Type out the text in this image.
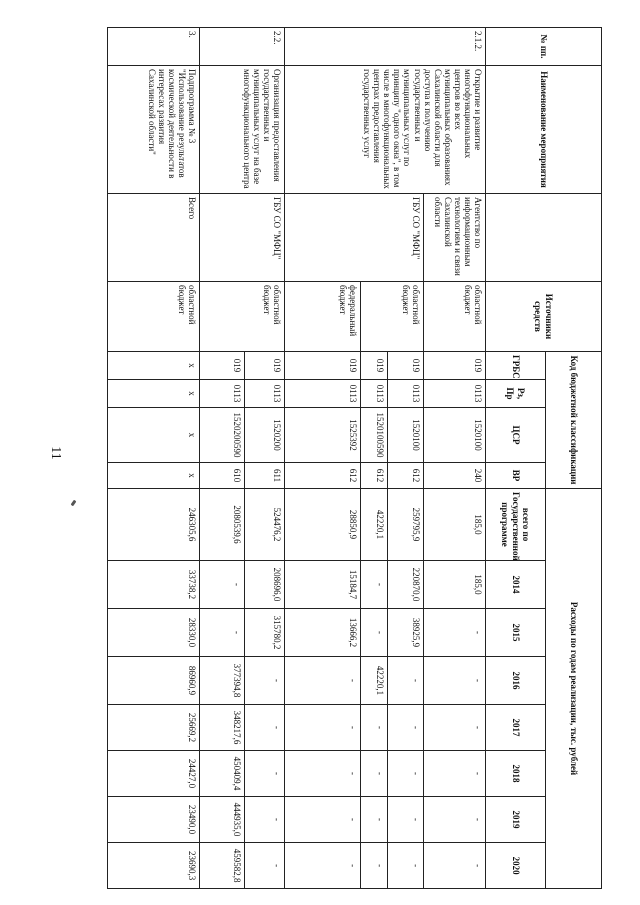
11
№ пп.	Наименование мероприятия		Источники средств	Код бюджетной классификации				Расходы по годам реализации, тыс. рублей							
				ГРБС	Рз, Пр	ЦСР	ВР	всего по Государственной программе	2014	2015	2016	2017	2018	2019	2020
2.1.2.	Открытие и развитие многофункциональных центров во всех муниципальных образованиях Сахалинской области для доступа к получению государственных и муниципальных услуг по принципу "одного окна", в том числе в многофункциональных центрах предоставления государственных услуг	Агентство по информационным технологиям и связи Сахалинской области	областной бюджет	019	0113	1520100	240	185,0	185,0	-	-	-	-	-	-
		ГБУ СО "МФЦ"	областной бюджет	019	0113	1520100	612	259795,9	220870,0	38925,9	-	-	-	-	-
				019	0113	1520100590	612	42220,1	-	-	42220,1	-	-	-	-
			федеральный бюджет	019	0113	1525392	612	28850,9	15184,7	13666,2	-	-	-	-	-
2.2.	Организация предоставления государственных и муниципальных услуг на базе многофункционального центра	ГБУ СО "МФЦ"	областной бюджет	019	0113	1520200	611	524476,2	208696,0	315780,2	-	-	-	-	-
				019	0113	1520200590	610	2080539,6	-	-	377394,8	348217,6	450409,4	444935,0	459582,8
3.	Подпрограмма № 3 "Использование результатов космической деятельности в интересах развития Сахалинской области"	Всего	областной бюджет	x	x	x	x	246305,6	33738,2	28330,0	86960,9	25669,2	24427,0	23490,0	23690,3
